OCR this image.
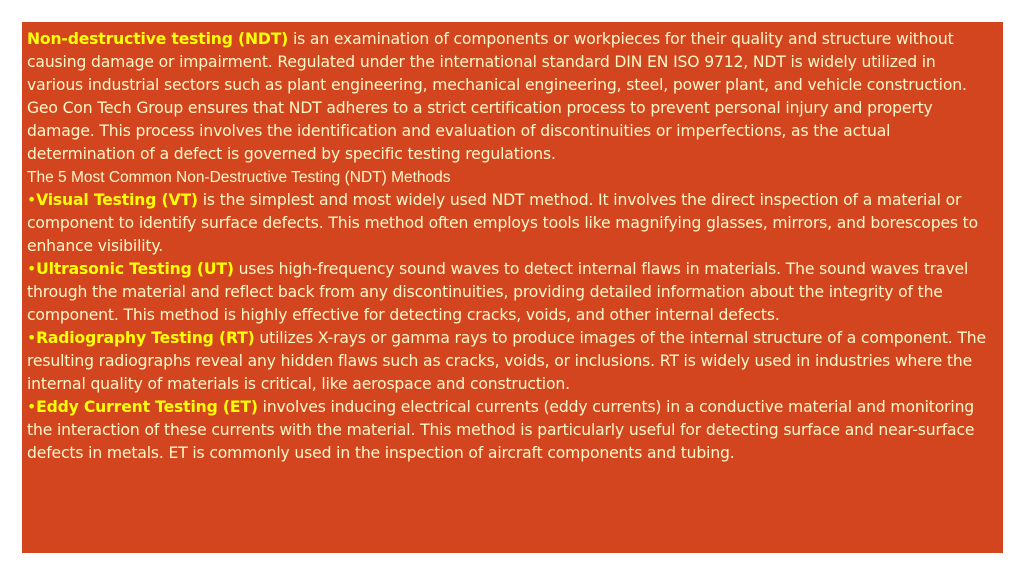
Non-destructive testing (NDT) is an examination of components or workpieces for their quality and structure without causing damage or impairment. Regulated under the international standard DIN EN ISO 9712, NDT is widely utilized in various industrial sectors such as plant engineering, mechanical engineering, steel, power plant, and vehicle construction.

Geo Con Tech Group ensures that NDT adheres to a strict certification process to prevent personal injury and property damage. This process involves the identification and evaluation of discontinuities or imperfections, as the actual determination of a defect is governed by specific testing regulations.

The 5 Most Common Non-Destructive Testing (NDT) Methods

•Visual Testing (VT) is the simplest and most widely used NDT method. It involves the direct inspection of a material or component to identify surface defects. This method often employs tools like magnifying glasses, mirrors, and borescopes to enhance visibility.

•Ultrasonic Testing (UT) uses high-frequency sound waves to detect internal flaws in materials. The sound waves travel through the material and reflect back from any discontinuities, providing detailed information about the integrity of the component. This method is highly effective for detecting cracks, voids, and other internal defects.

•Radiography Testing (RT) utilizes X-rays or gamma rays to produce images of the internal structure of a component. The resulting radiographs reveal any hidden flaws such as cracks, voids, or inclusions. RT is widely used in industries where the internal quality of materials is critical, like aerospace and construction.

•Eddy Current Testing (ET) involves inducing electrical currents (eddy currents) in a conductive material and monitoring the interaction of these currents with the material. This method is particularly useful for detecting surface and near-surface defects in metals. ET is commonly used in the inspection of aircraft components and tubing.
